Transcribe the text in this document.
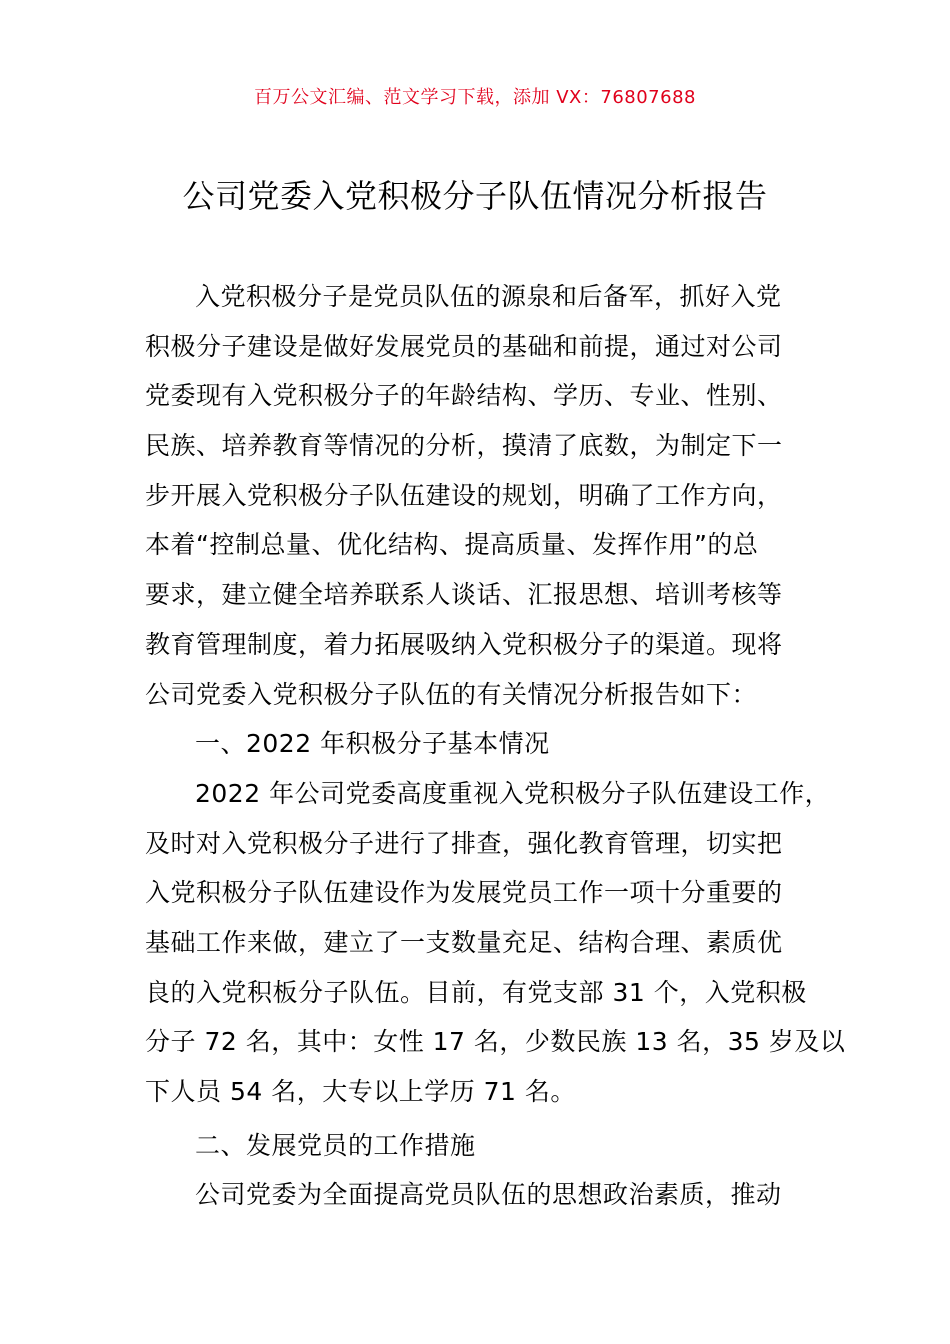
百万公文汇编、范文学习下载，添加 VX：76807688
公司党委入党积极分子队伍情况分析报告
入党积极分子是党员队伍的源泉和后备军，抓好入党
积极分子建设是做好发展党员的基础和前提，通过对公司
党委现有入党积极分子的年龄结构、学历、专业、性别、
民族、培养教育等情况的分析，摸清了底数，为制定下一
步开展入党积极分子队伍建设的规划，明确了工作方向，
本着“控制总量、优化结构、提高质量、发挥作用”的总
要求，建立健全培养联系人谈话、汇报思想、培训考核等
教育管理制度，着力拓展吸纳入党积极分子的渠道。现将
公司党委入党积极分子队伍的有关情况分析报告如下：
一、2022 年积极分子基本情况
2022 年公司党委高度重视入党积极分子队伍建设工作，
及时对入党积极分子进行了排查，强化教育管理，切实把
入党积极分子队伍建设作为发展党员工作一项十分重要的
基础工作来做，建立了一支数量充足、结构合理、素质优
良的入党积板分子队伍。目前，有党支部 31 个，入党积极
分子 72 名，其中：女性 17 名，少数民族 13 名，35 岁及以
下人员 54 名，大专以上学历 71 名。
二、发展党员的工作措施
公司党委为全面提高党员队伍的思想政治素质，推动
